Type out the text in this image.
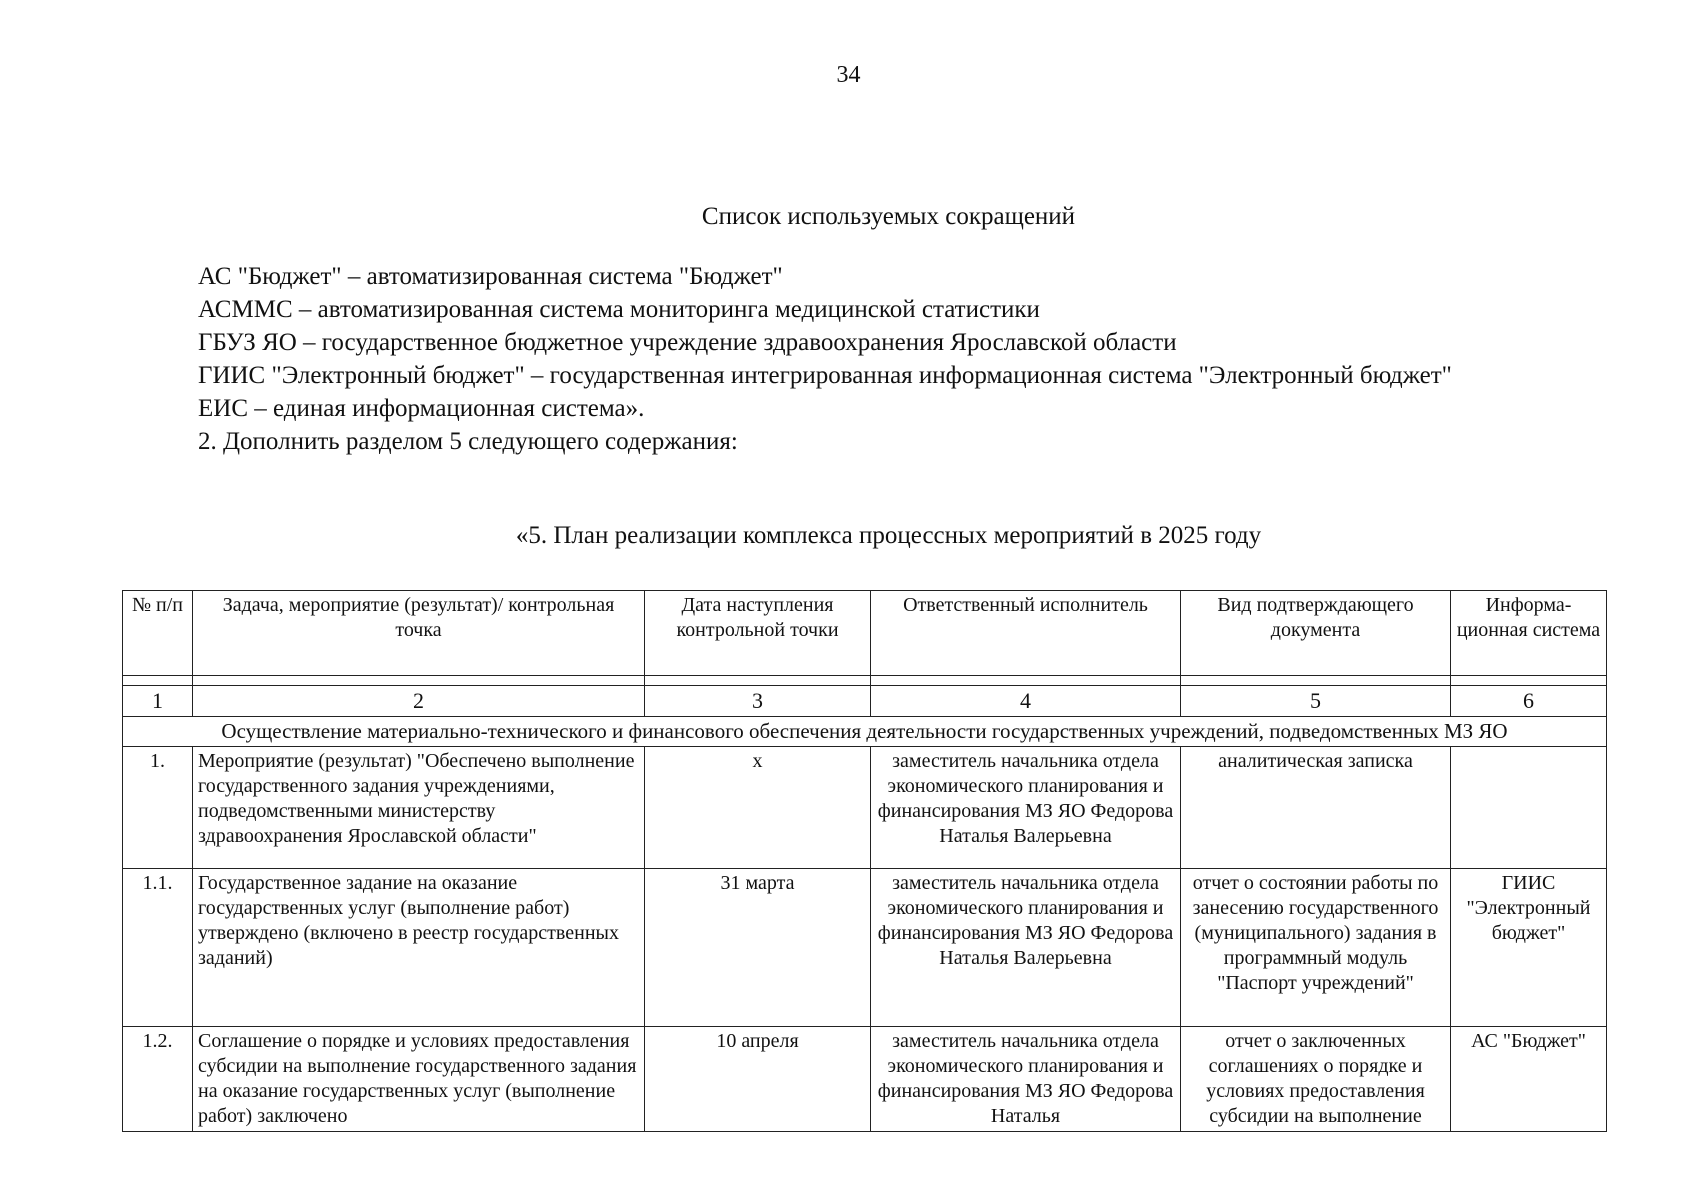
34
Список используемых сокращений
АС "Бюджет" – автоматизированная система "Бюджет"
АСММС – автоматизированная система мониторинга медицинской статистики
ГБУЗ ЯО – государственное бюджетное учреждение здравоохранения Ярославской области
ГИИС "Электронный бюджет" – государственная интегрированная информационная система "Электронный бюджет"
ЕИС – единая информационная система».
2. Дополнить разделом 5 следующего содержания:
«5. План реализации комплекса процессных мероприятий в 2025 году
№ п/п	Задача, мероприятие (результат)/ контрольная точка	Дата наступления контрольной точки	Ответственный исполнитель	Вид подтверждающего документа	Информа-ционная система

1	2	3	4	5	6
Осуществление материально-технического и финансового обеспечения деятельности государственных учреждений, подведомственных МЗ ЯО					
1.	Мероприятие (результат) "Обеспечено выполнение государственного задания учреждениями, подведомственными министерству здравоохранения Ярославской области"	х	заместитель начальника отдела экономического планирования и финансирования МЗ ЯО Федорова Наталья Валерьевна	аналитическая записка	
1.1.	Государственное задание на оказание государственных услуг (выполнение работ) утверждено (включено в реестр государственных заданий)	31 марта	заместитель начальника отдела экономического планирования и финансирования МЗ ЯО Федорова Наталья Валерьевна	отчет о состоянии работы по занесению государственного (муниципального) задания в программный модуль "Паспорт учреждений"	ГИИС "Электронный бюджет"
1.2.	Соглашение о порядке и условиях предоставления субсидии на выполнение государственного задания на оказание государственных услуг (выполнение работ) заключено	10 апреля	заместитель начальника отдела экономического планирования и финансирования МЗ ЯО Федорова Наталья	отчет о заключенных соглашениях о порядке и условиях предоставления субсидии на выполнение	АС "Бюджет"
